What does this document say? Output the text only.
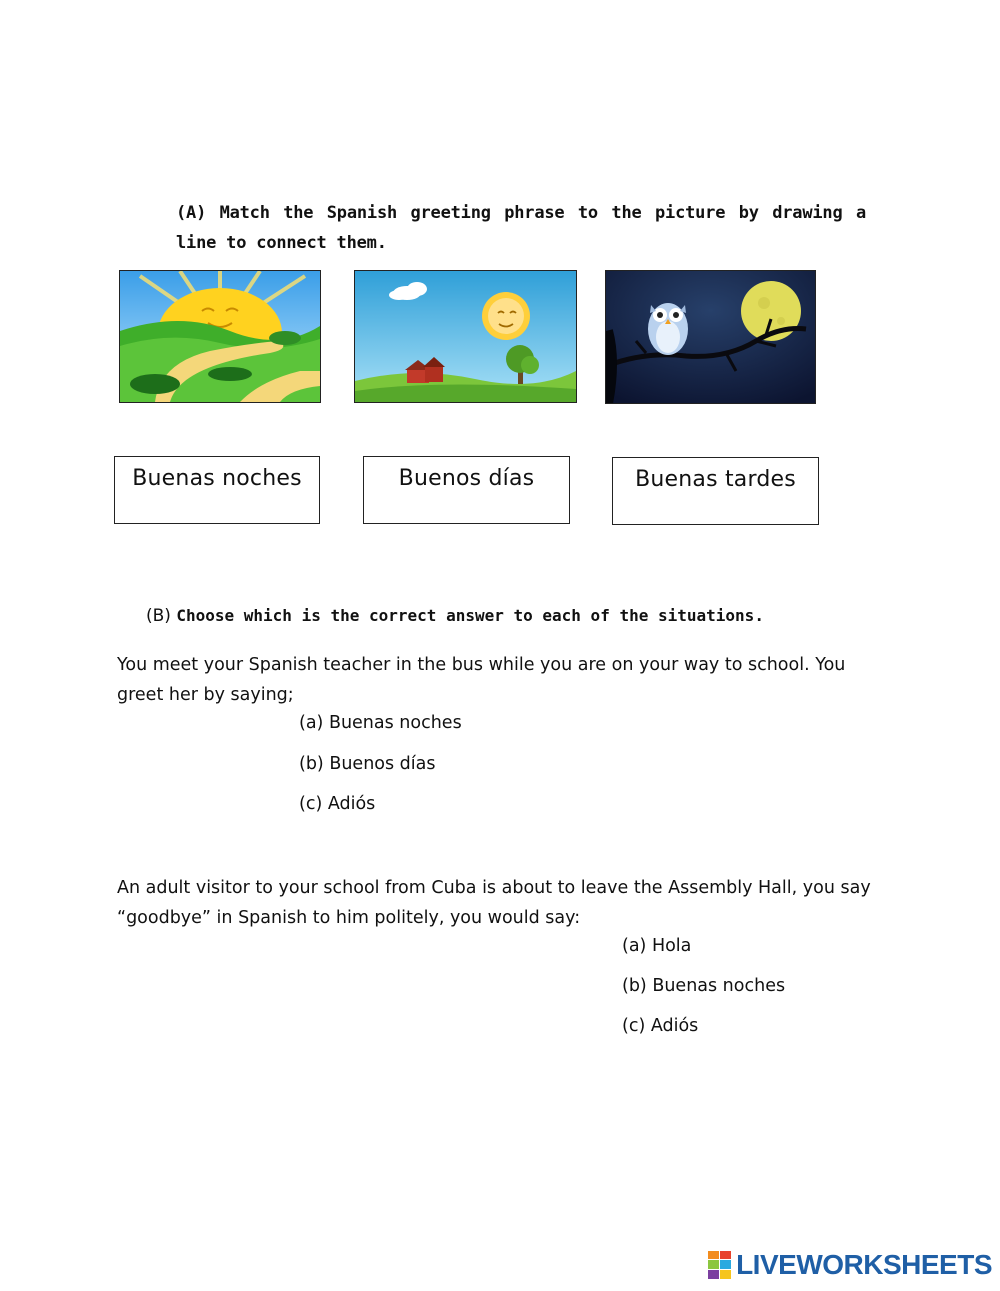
(A) Match the Spanish greeting phrase to the picture by drawing a line to connect them.
Buenas noches	Buenos días	Buenas tardes
(B) Choose which is the correct answer to each of the situations.
You meet your Spanish teacher in the bus while you are on your way to school. You greet her by saying;
(a) Buenas noches
(b) Buenos días
(c) Adiós
An adult visitor to your school from Cuba is about to leave the Assembly Hall, you say “goodbye” in Spanish to him politely, you would say:
(a) Hola
(b) Buenas noches
(c) Adiós
LIVEWORKSHEETS
